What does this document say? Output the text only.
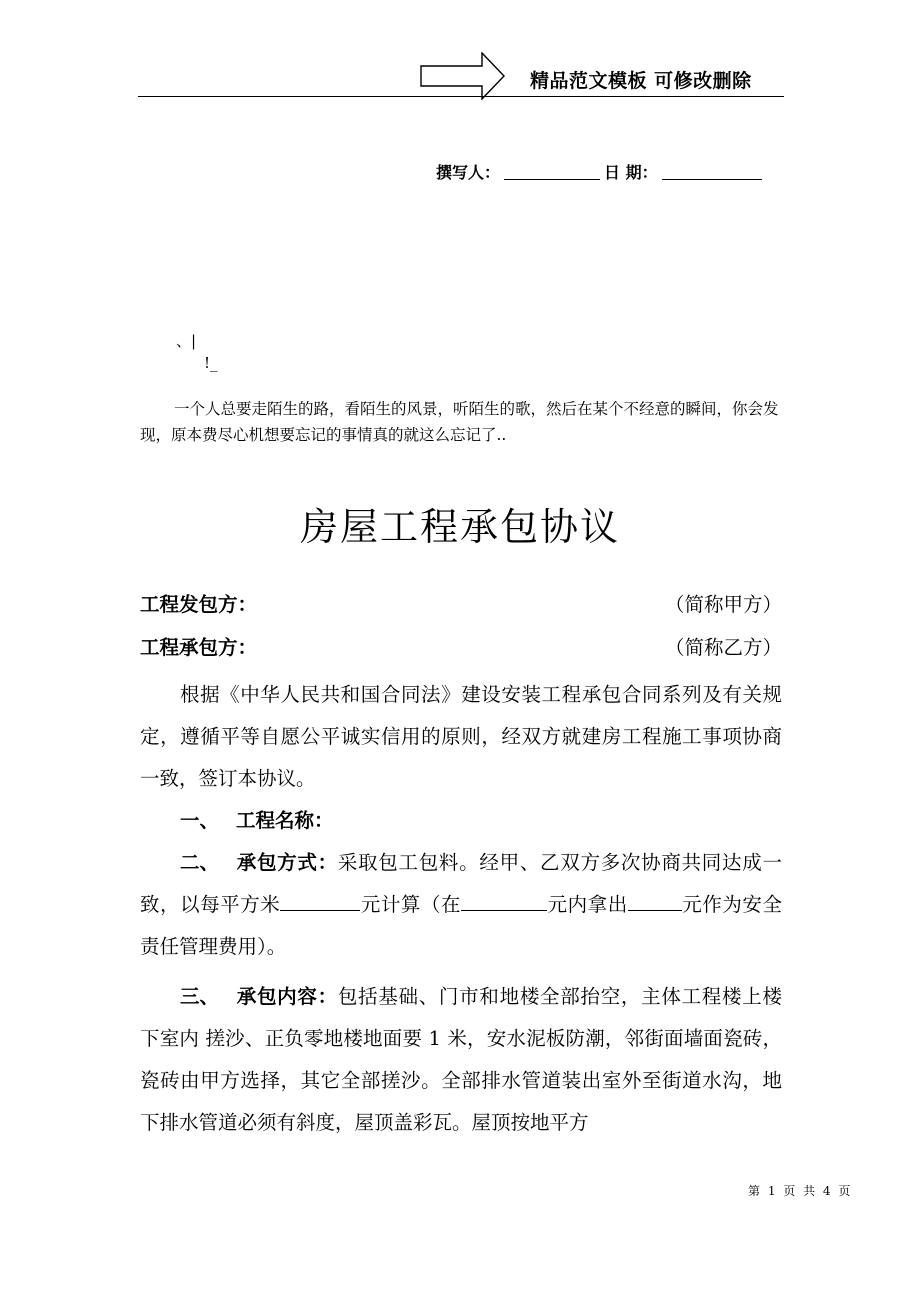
精品范文模板 可修改删除
撰写人：	日 期：
、|
!_

一个人总要走陌生的路，看陌生的风景，听陌生的歌，然后在某个不经意的瞬间，你会发现，原本费尽心机想要忘记的事情真的就这么忘记了..

房屋工程承包协议
工程发包方：	（简称甲方）
工程承包方：	（简称乙方）

根据《中华人民共和国合同法》建设安装工程承包合同系列及有关规定，遵循平等自愿公平诚实信用的原则，经双方就建房工程施工事项协商一致，签订本协议。

一、 工程名称：

二、 承包方式：采取包工包料。经甲、乙双方多次协商共同达成一致，以每平方米	元计算（在	元内拿出	元作为安全责任管理费用）。

三、 承包内容：包括基础、门市和地楼全部抬空，主体工程楼上楼下室内 搓沙、正负零地楼地面要 1 米，安水泥板防潮，邻街面墙面瓷砖，瓷砖由甲方选择，其它全部搓沙。全部排水管道装出室外至街道水沟，地下排水管道必须有斜度，屋顶盖彩瓦。屋顶按地平方

第 1 页 共 4 页
